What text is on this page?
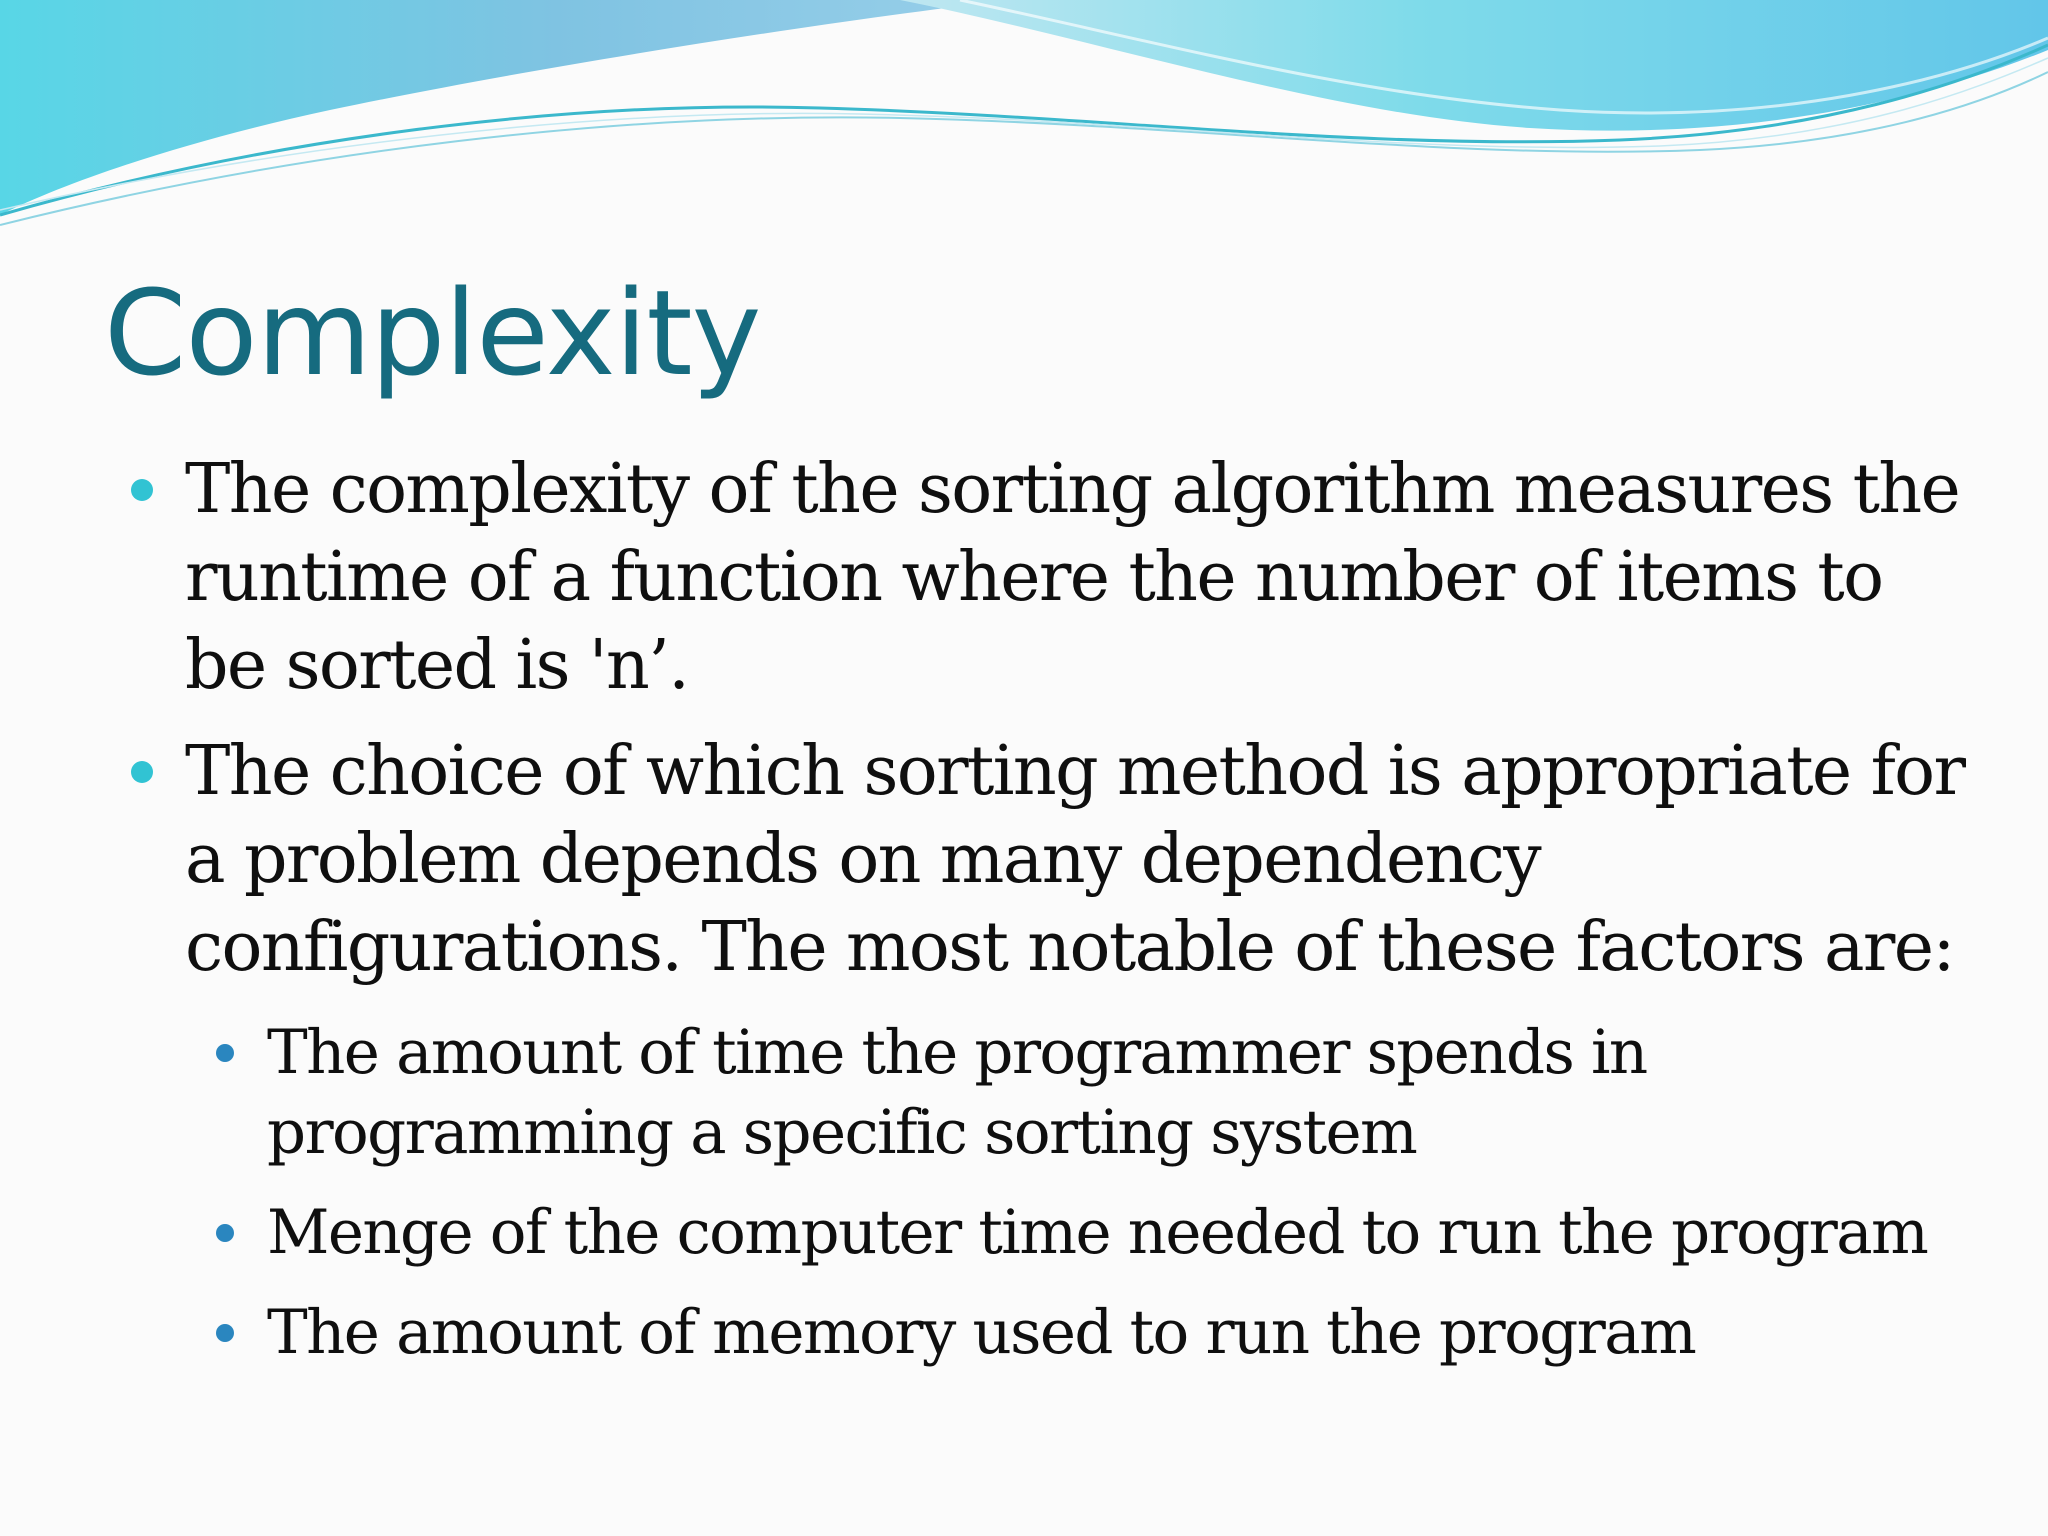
Complexity

The complexity of the sorting algorithm measures the runtime of a function where the number of items to be sorted is 'n’.

The choice of which sorting method is appropriate for a problem depends on many dependency configurations. The most notable of these factors are:

The amount of time the programmer spends in programming a specific sorting system

Menge of the computer time needed to run the program

The amount of memory used to run the program
